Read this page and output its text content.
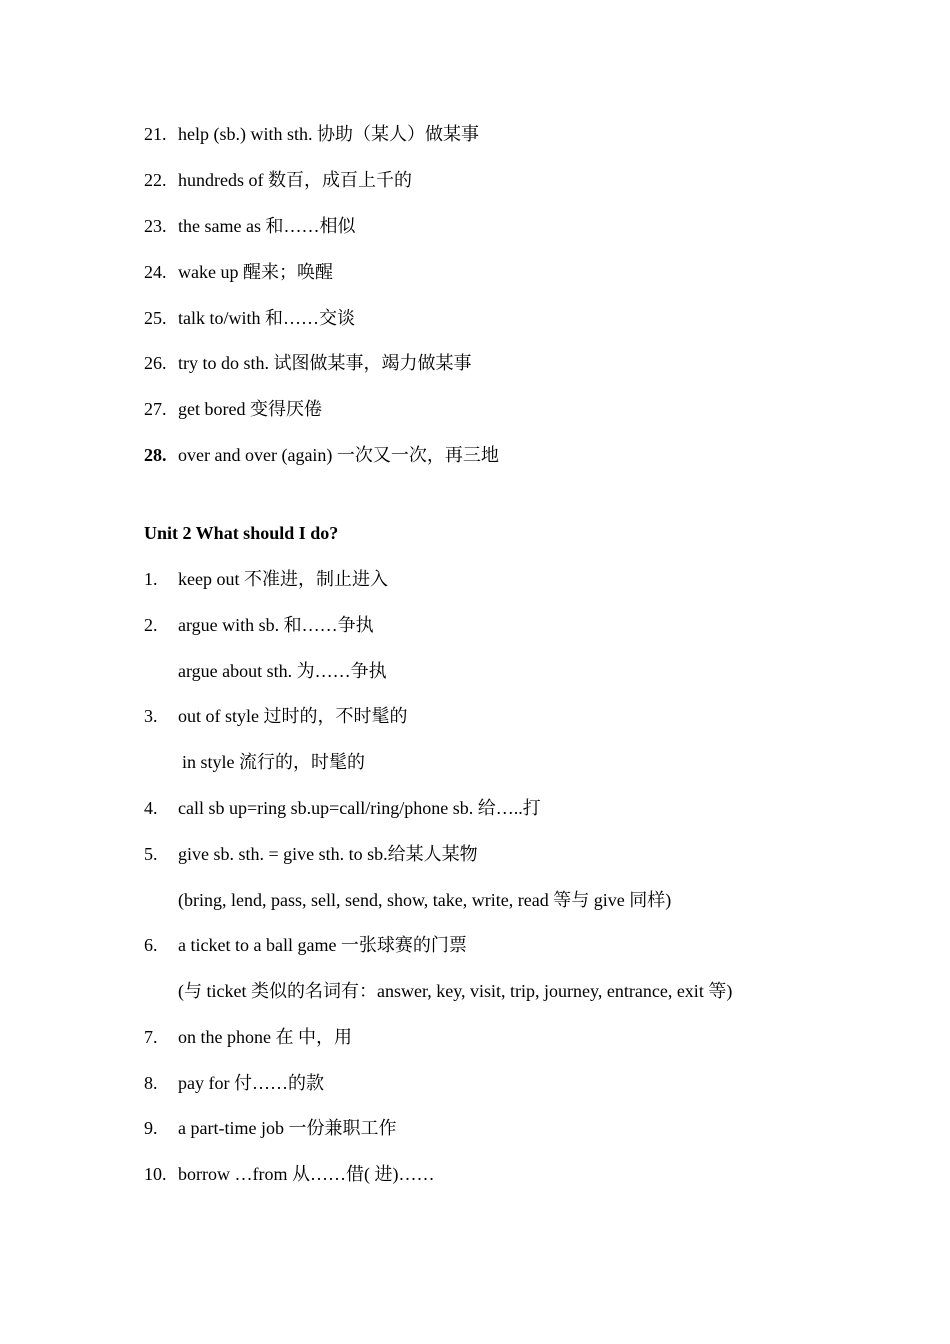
21. help (sb.) with sth. 协助（某人）做某事
22. hundreds of 数百，成百上千的
23. the same as 和……相似
24. wake up 醒来；唤醒
25. talk to/with 和……交谈
26. try to do sth. 试图做某事，竭力做某事
27. get bored 变得厌倦
28. over and over (again) 一次又一次，再三地
Unit 2 What should I do?
1. keep out 不准进，制止进入
2. argue with sb. 和……争执
argue about sth. 为……争执
3. out of style 过时的，不时髦的
in style 流行的，时髦的
4. call sb up=ring sb.up=call/ring/phone sb. 给…..打
5. give sb. sth. = give sth. to sb.给某人某物
(bring, lend, pass, sell, send, show, take, write, read 等与 give 同样)
6. a ticket to a ball game 一张球赛的门票
(与 ticket 类似的名词有：answer, key, visit, trip, journey, entrance, exit 等)
7. on the phone 在 中，用
8. pay for 付……的款
9. a part-time job 一份兼职工作
10. borrow …from 从……借( 进)……
